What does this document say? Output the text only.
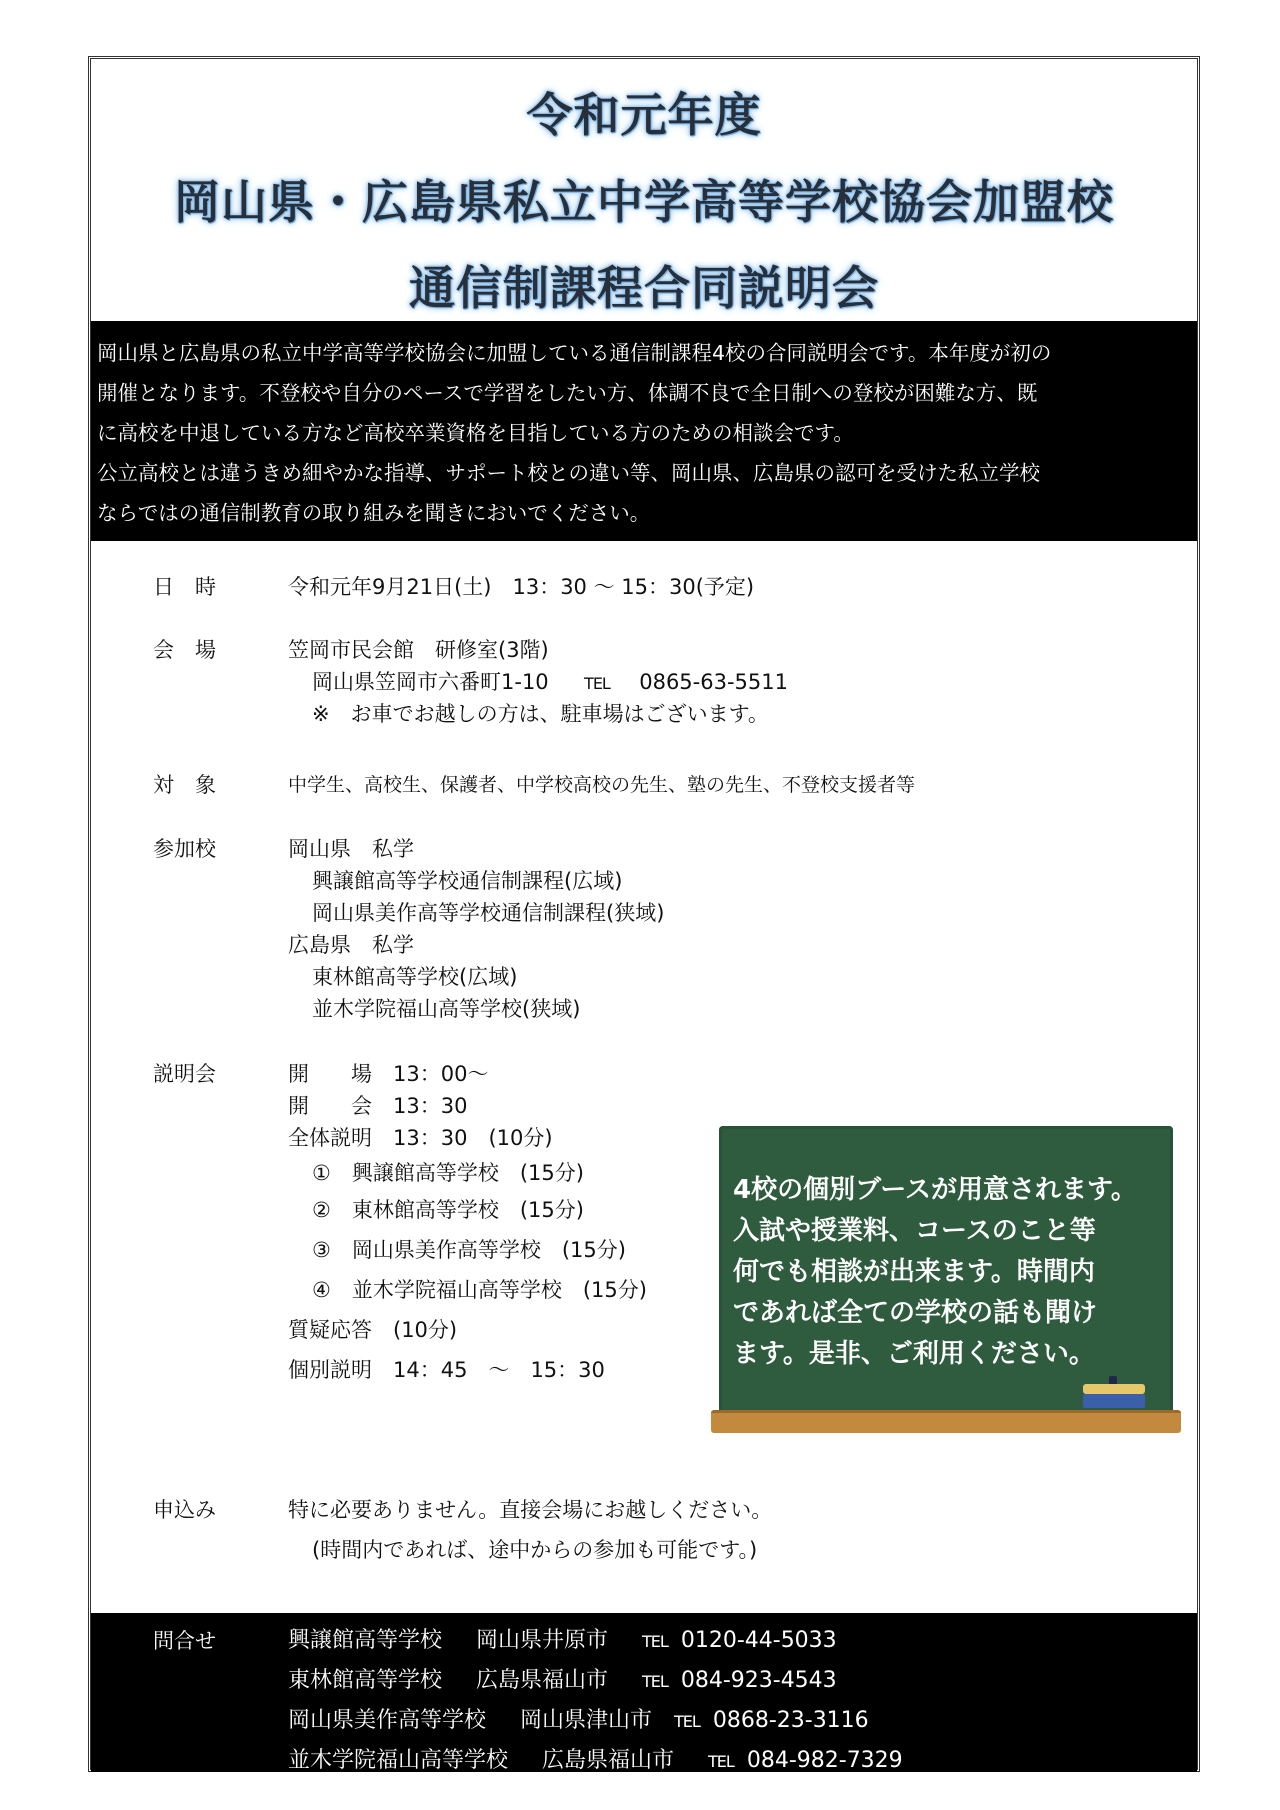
令和元年度
岡山県・広島県私立中学高等学校協会加盟校
通信制課程合同説明会

岡山県と広島県の私立中学高等学校協会に加盟している通信制課程4校の合同説明会です。本年度が初の

開催となります。不登校や自分のペースで学習をしたい方、体調不良で全日制への登校が困難な方、既

に高校を中退している方など高校卒業資格を目指している方のための相談会です。

公立高校とは違うきめ細やかな指導、サポート校との違い等、岡山県、広島県の認可を受けた私立学校

ならではの通信制教育の取り組みを聞きにおいでください。

日　時	令和元年9月21日(土)　13：30 ～ 15：30(予定)
会　場	笠岡市民会館　研修室(3階)
岡山県笠岡市六番町1-10 TEL 0865-63-5511
※　お車でお越しの方は、駐車場はございます。
対　象	中学生、高校生、保護者、中学校高校の先生、塾の先生、不登校支援者等
参加校	岡山県　私学
興譲館高等学校通信制課程(広域)
岡山県美作高等学校通信制課程(狭域)
広島県　私学
東林館高等学校(広域)
並木学院福山高等学校(狭域)
説明会	開　　場　13：00～
開　　会　13：30
全体説明　13：30　(10分)
①　興譲館高等学校　(15分)
②　東林館高等学校　(15分)
③　岡山県美作高等学校　(15分)
④　並木学院福山高等学校　(15分)
質疑応答　(10分)
個別説明　14：45　～　15：30
4校の個別ブースが用意されます。
入試や授業料、コースのこと等
何でも相談が出来ます。時間内
であれば全ての学校の話も聞け
ます。是非、ご利用ください。
申込み	特に必要ありません。直接会場にお越しください。
(時間内であれば、途中からの参加も可能です。)
問合せ	興譲館高等学校 岡山県井原市 TEL 0120-44-5033
東林館高等学校 広島県福山市 TEL 084-923-4543
岡山県美作高等学校 岡山県津山市 TEL 0868-23-3116
並木学院福山高等学校 広島県福山市 TEL 084-982-7329
